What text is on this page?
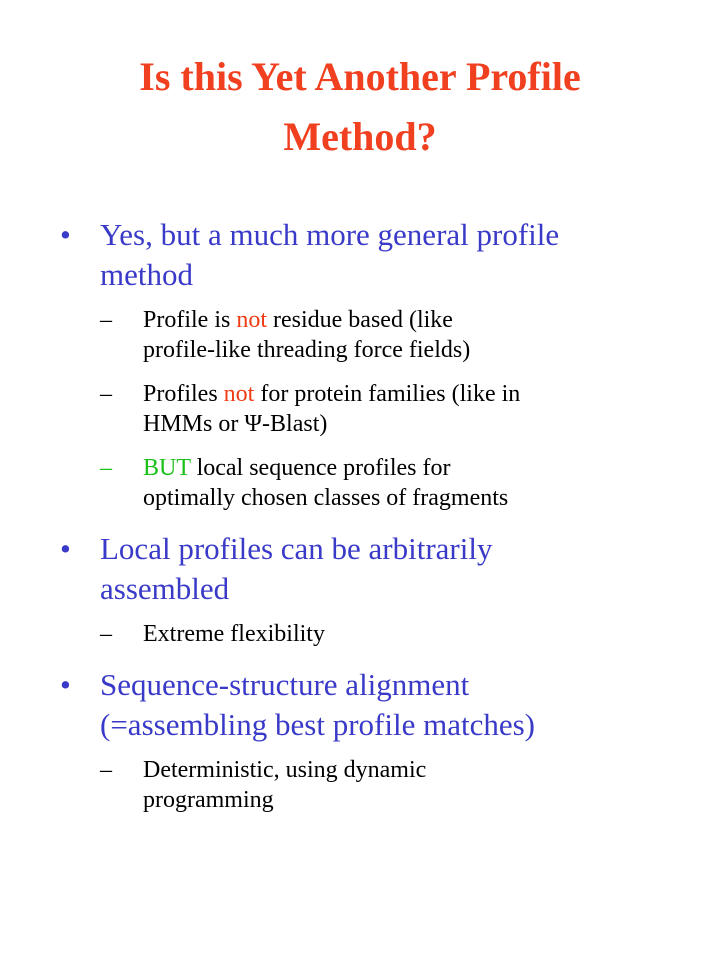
Is this Yet Another Profile
Method?
• Yes, but a much more general profile
method
– Profile is not residue based (like
profile-like threading force fields)
– Profiles not for protein families (like in
HMMs or Ψ-Blast)
– BUT local sequence profiles for
optimally chosen classes of fragments
• Local profiles can be arbitrarily
assembled
– Extreme flexibility
• Sequence-structure alignment
(=assembling best profile matches)
– Deterministic, using dynamic
programming
